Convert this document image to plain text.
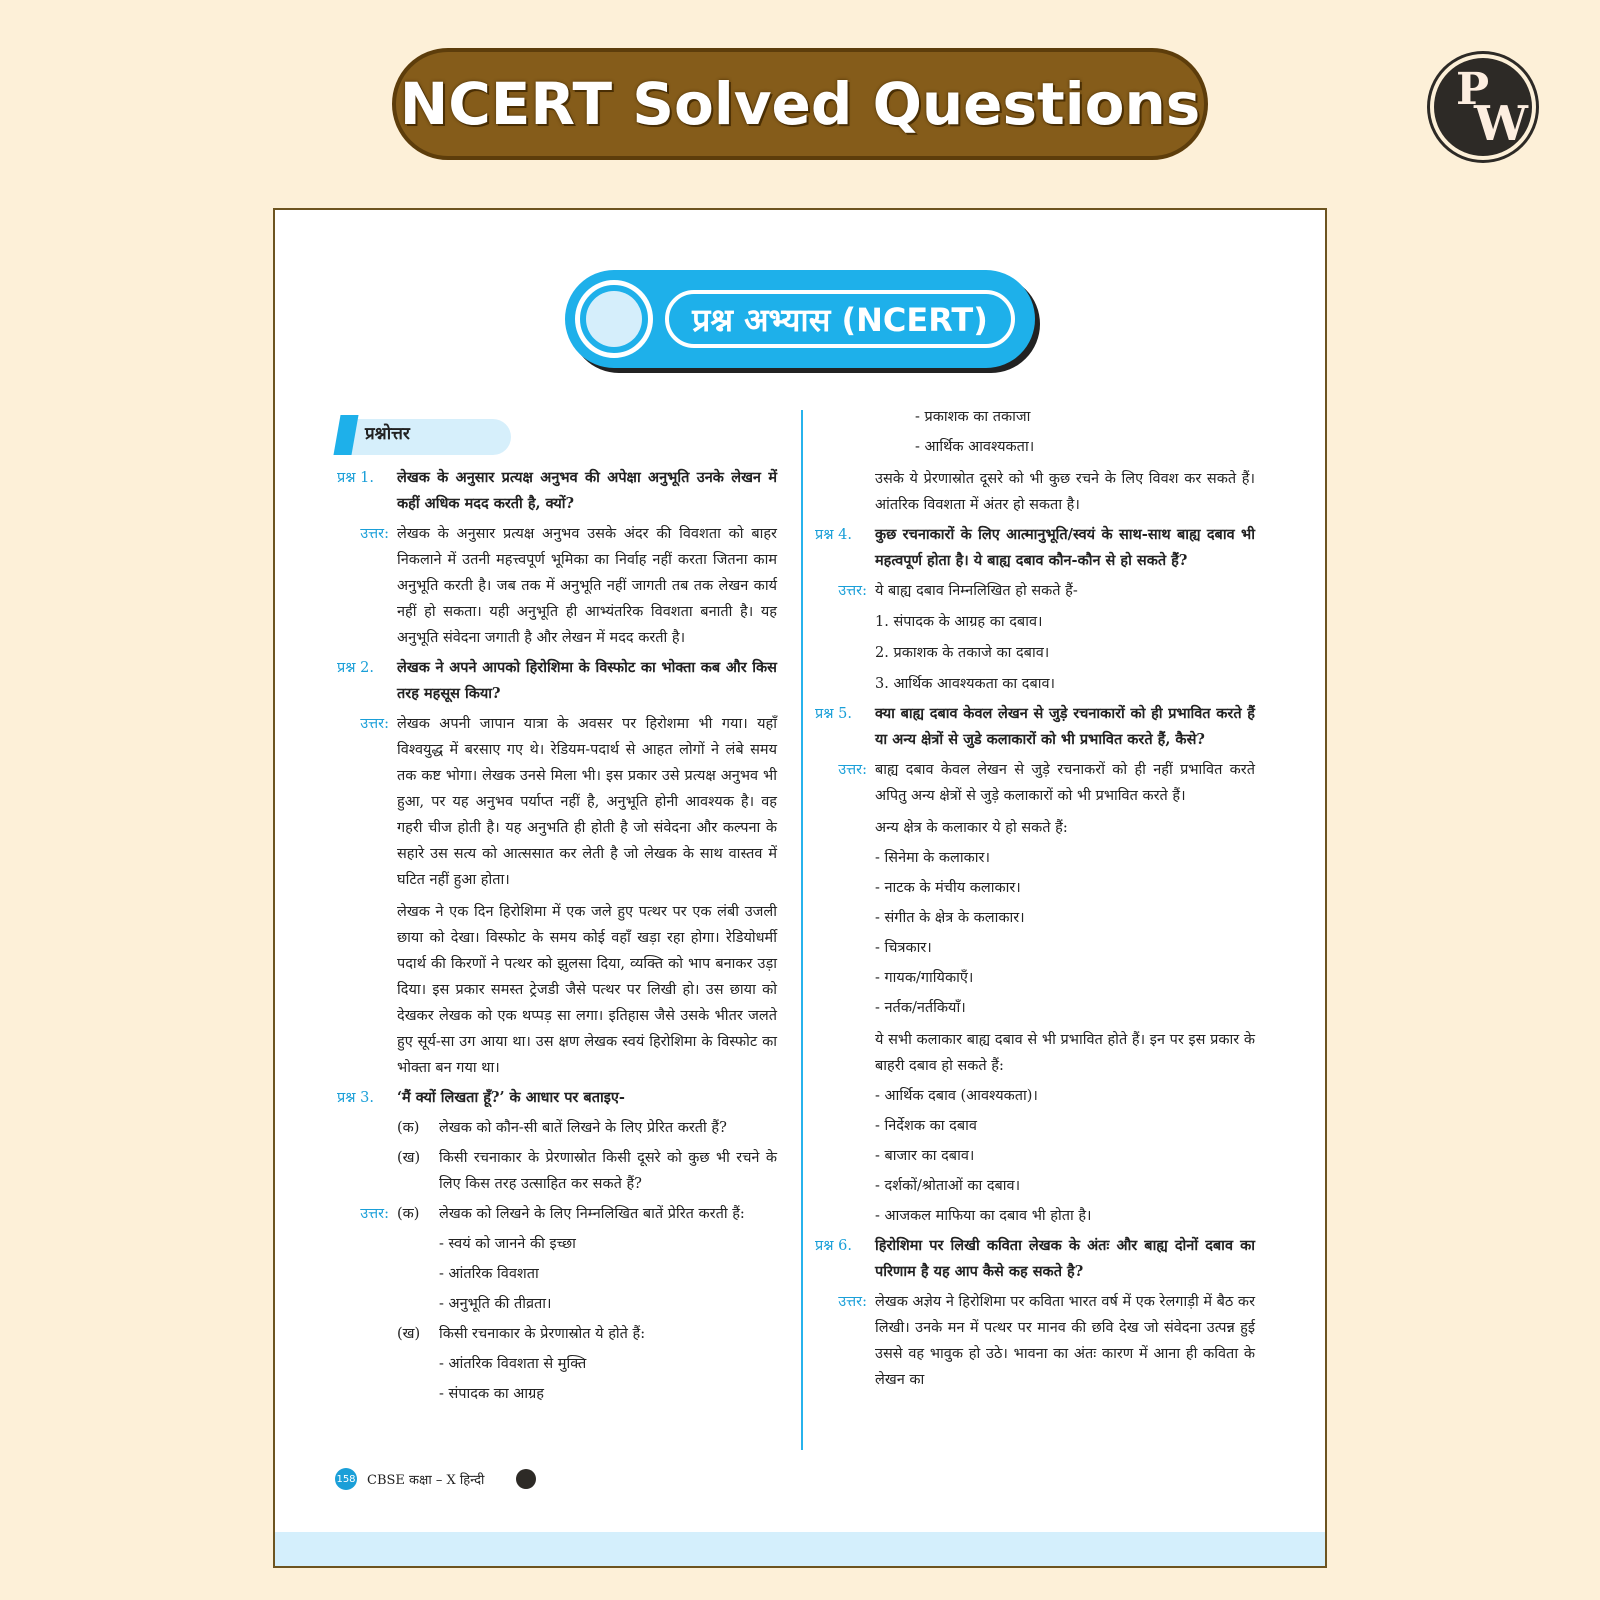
NCERT Solved Questions	P
W
प्रश्न अभ्यास (NCERT)
प्रश्नोत्तर
प्रश्न 1.	लेखक के अनुसार प्रत्यक्ष अनुभव की अपेक्षा अनुभूति उनके लेखन में कहीं अधिक मदद करती है, क्यों?
उत्तर: लेखक के अनुसार प्रत्यक्ष अनुभव उसके अंदर की विवशता को बाहर निकलाने में उतनी महत्त्वपूर्ण भूमिका का निर्वाह नहीं करता जितना काम अनुभूति करती है। जब तक में अनुभूति नहीं जागती तब तक लेखन कार्य नहीं हो सकता। यही अनुभूति ही आभ्यंतरिक विवशता बनाती है। यह अनुभूति संवेदना जगाती है और लेखन में मदद करती है।
प्रश्न 2.	लेखक ने अपने आपको हिरोशिमा के विस्फोट का भोक्ता कब और किस तरह महसूस किया?
उत्तर: लेखक अपनी जापान यात्रा के अवसर पर हिरोशमा भी गया। यहाँ विश्वयुद्ध में बरसाए गए थे। रेडियम-पदार्थ से आहत लोगों ने लंबे समय तक कष्ट भोगा। लेखक उनसे मिला भी। इस प्रकार उसे प्रत्यक्ष अनुभव भी हुआ, पर यह अनुभव पर्याप्त नहीं है, अनुभूति होनी आवश्यक है। वह गहरी चीज होती है। यह अनुभति ही होती है जो संवेदना और कल्पना के सहारे उस सत्य को आत्ससात कर लेती है जो लेखक के साथ वास्तव में घटित नहीं हुआ होता।
लेखक ने एक दिन हिरोशिमा में एक जले हुए पत्थर पर एक लंबी उजली छाया को देखा। विस्फोट के समय कोई वहाँ खड़ा रहा होगा। रेडियोधर्मी पदार्थ की किरणों ने पत्थर को झुलसा दिया, व्यक्ति को भाप बनाकर उड़ा दिया। इस प्रकार समस्त ट्रेजडी जैसे पत्थर पर लिखी हो। उस छाया को देखकर लेखक को एक थप्पड़ सा लगा। इतिहास जैसे उसके भीतर जलते हुए सूर्य-सा उग आया था। उस क्षण लेखक स्वयं हिरोशिमा के विस्फोट का भोक्ता बन गया था।
प्रश्न 3.	‘मैं क्यों लिखता हूँ?’ के आधार पर बताइए-
(क)	लेखक को कौन-सी बातें लिखने के लिए प्रेरित करती हैं?
(ख)	किसी रचनाकार के प्रेरणास्रोत किसी दूसरे को कुछ भी रचने के लिए किस तरह उत्साहित कर सकते हैं?
उत्तर: (क)	लेखक को लिखने के लिए निम्नलिखित बातें प्रेरित करती हैं:
- स्वयं को जानने की इच्छा
- आंतरिक विवशता
- अनुभूति की तीव्रता।
(ख)	किसी रचनाकार के प्रेरणास्रोत ये होते हैं:
- आंतरिक विवशता से मुक्ति
- संपादक का आग्रह
- प्रकाशक का तकाजा
- आर्थिक आवश्यकता।
उसके ये प्रेरणास्रोत दूसरे को भी कुछ रचने के लिए विवश कर सकते हैं। आंतरिक विवशता में अंतर हो सकता है।
प्रश्न 4.	कुछ रचनाकारों के लिए आत्मानुभूति/स्वयं के साथ-साथ बाह्य दबाव भी महत्वपूर्ण होता है। ये बाह्य दबाव कौन-कौन से हो सकते हैं?
उत्तर: ये बाह्य दबाव निम्नलिखित हो सकते हैं-
1. संपादक के आग्रह का दबाव।
2. प्रकाशक के तकाजे का दबाव।
3. आर्थिक आवश्यकता का दबाव।
प्रश्न 5.	क्या बाह्य दबाव केवल लेखन से जुड़े रचनाकारों को ही प्रभावित करते हैं या अन्य क्षेत्रों से जुडे कलाकारों को भी प्रभावित करते हैं, कैसे?
उत्तर: बाह्य दबाव केवल लेखन से जुड़े रचनाकरों को ही नहीं प्रभावित करते अपितु अन्य क्षेत्रों से जुड़े कलाकारों को भी प्रभावित करते हैं।
अन्य क्षेत्र के कलाकार ये हो सकते हैं:
- सिनेमा के कलाकार।
- नाटक के मंचीय कलाकार।
- संगीत के क्षेत्र के कलाकार।
- चित्रकार।
- गायक/गायिकाएँ।
- नर्तक/नर्तकियाँ।
ये सभी कलाकार बाह्य दबाव से भी प्रभावित होते हैं। इन पर इस प्रकार के बाहरी दबाव हो सकते हैं:
- आर्थिक दबाव (आवश्यकता)।
- निर्देशक का दबाव
- बाजार का दबाव।
- दर्शकों/श्रोताओं का दबाव।
- आजकल माफिया का दबाव भी होता है।
प्रश्न 6.	हिरोशिमा पर लिखी कविता लेखक के अंतः और बाह्य दोनों दबाव का परिणाम है यह आप कैसे कह सकते है?
उत्तर: लेखक अज्ञेय ने हिरोशिमा पर कविता भारत वर्ष में एक रेलगाड़ी में बैठ कर लिखी। उनके मन में पत्थर पर मानव की छवि देख जो संवेदना उत्पन्न हुई उससे वह भावुक हो उठे। भावना का अंतः कारण में आना ही कविता के लेखन का
158 CBSE कक्षा – X हिन्दी
